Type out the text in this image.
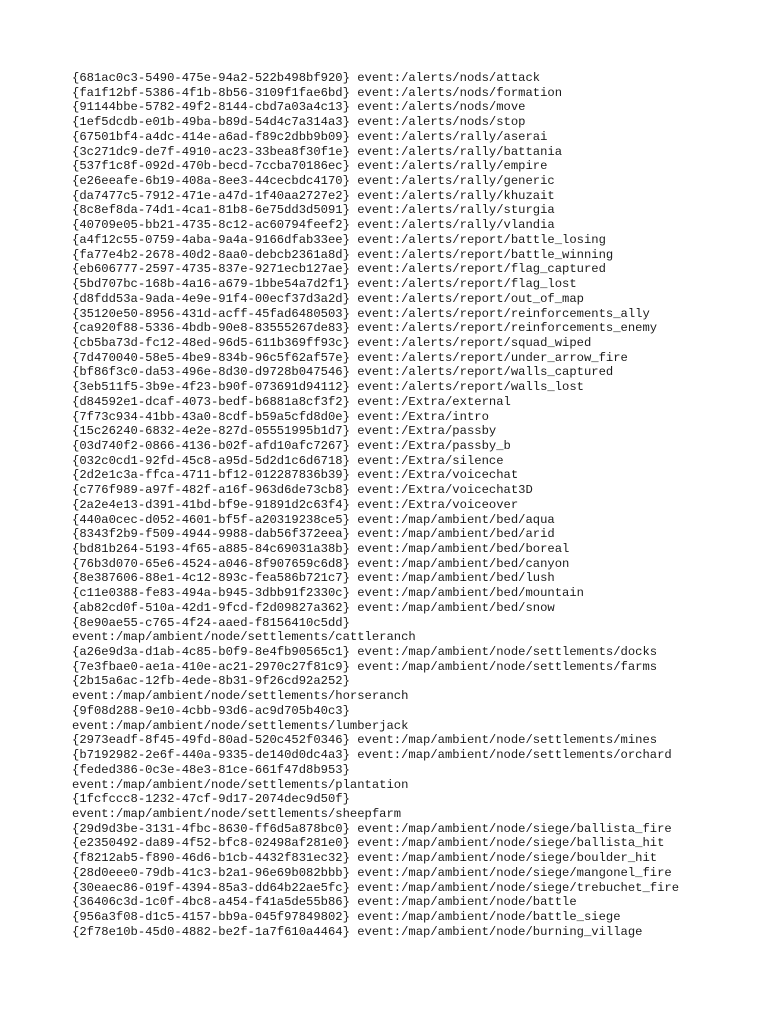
{681ac0c3-5490-475e-94a2-522b498bf920} event:/alerts/nods/attack
{fa1f12bf-5386-4f1b-8b56-3109f1fae6bd} event:/alerts/nods/formation
{91144bbe-5782-49f2-8144-cbd7a03a4c13} event:/alerts/nods/move
{1ef5dcdb-e01b-49ba-b89d-54d4c7a314a3} event:/alerts/nods/stop
{67501bf4-a4dc-414e-a6ad-f89c2dbb9b09} event:/alerts/rally/aserai
{3c271dc9-de7f-4910-ac23-33bea8f30f1e} event:/alerts/rally/battania
{537f1c8f-092d-470b-becd-7ccba70186ec} event:/alerts/rally/empire
{e26eeafe-6b19-408a-8ee3-44cecbdc4170} event:/alerts/rally/generic
{da7477c5-7912-471e-a47d-1f40aa2727e2} event:/alerts/rally/khuzait
{8c8ef8da-74d1-4ca1-81b8-6e75dd3d5091} event:/alerts/rally/sturgia
{40709e05-bb21-4735-8c12-ac60794feef2} event:/alerts/rally/vlandia
{a4f12c55-0759-4aba-9a4a-9166dfab33ee} event:/alerts/report/battle_losing
{fa77e4b2-2678-40d2-8aa0-debcb2361a8d} event:/alerts/report/battle_winning
{eb606777-2597-4735-837e-9271ecb127ae} event:/alerts/report/flag_captured
{5bd707bc-168b-4a16-a679-1bbe54a7d2f1} event:/alerts/report/flag_lost
{d8fdd53a-9ada-4e9e-91f4-00ecf37d3a2d} event:/alerts/report/out_of_map
{35120e50-8956-431d-acff-45fad6480503} event:/alerts/report/reinforcements_ally
{ca920f88-5336-4bdb-90e8-83555267de83} event:/alerts/report/reinforcements_enemy
{cb5ba73d-fc12-48ed-96d5-611b369ff93c} event:/alerts/report/squad_wiped
{7d470040-58e5-4be9-834b-96c5f62af57e} event:/alerts/report/under_arrow_fire
{bf86f3c0-da53-496e-8d30-d9728b047546} event:/alerts/report/walls_captured
{3eb511f5-3b9e-4f23-b90f-073691d94112} event:/alerts/report/walls_lost
{d84592e1-dcaf-4073-bedf-b6881a8cf3f2} event:/Extra/external
{7f73c934-41bb-43a0-8cdf-b59a5cfd8d0e} event:/Extra/intro
{15c26240-6832-4e2e-827d-05551995b1d7} event:/Extra/passby
{03d740f2-0866-4136-b02f-afd10afc7267} event:/Extra/passby_b
{032c0cd1-92fd-45c8-a95d-5d2d1c6d6718} event:/Extra/silence
{2d2e1c3a-ffca-4711-bf12-012287836b39} event:/Extra/voicechat
{c776f989-a97f-482f-a16f-963d6de73cb8} event:/Extra/voicechat3D
{2a2e4e13-d391-41bd-bf9e-91891d2c63f4} event:/Extra/voiceover
{440a0cec-d052-4601-bf5f-a20319238ce5} event:/map/ambient/bed/aqua
{8343f2b9-f509-4944-9988-dab56f372eea} event:/map/ambient/bed/arid
{bd81b264-5193-4f65-a885-84c69031a38b} event:/map/ambient/bed/boreal
{76b3d070-65e6-4524-a046-8f907659c6d8} event:/map/ambient/bed/canyon
{8e387606-88e1-4c12-893c-fea586b721c7} event:/map/ambient/bed/lush
{c11e0388-fe83-494a-b945-3dbb91f2330c} event:/map/ambient/bed/mountain
{ab82cd0f-510a-42d1-9fcd-f2d09827a362} event:/map/ambient/bed/snow
{8e90ae55-c765-4f24-aaed-f8156410c5dd}
event:/map/ambient/node/settlements/cattleranch
{a26e9d3a-d1ab-4c85-b0f9-8e4fb90565c1} event:/map/ambient/node/settlements/docks
{7e3fbae0-ae1a-410e-ac21-2970c27f81c9} event:/map/ambient/node/settlements/farms
{2b15a6ac-12fb-4ede-8b31-9f26cd92a252}
event:/map/ambient/node/settlements/horseranch
{9f08d288-9e10-4cbb-93d6-ac9d705b40c3}
event:/map/ambient/node/settlements/lumberjack
{2973eadf-8f45-49fd-80ad-520c452f0346} event:/map/ambient/node/settlements/mines
{b7192982-2e6f-440a-9335-de140d0dc4a3} event:/map/ambient/node/settlements/orchard
{feded386-0c3e-48e3-81ce-661f47d8b953}
event:/map/ambient/node/settlements/plantation
{1fcfccc8-1232-47cf-9d17-2074dec9d50f}
event:/map/ambient/node/settlements/sheepfarm
{29d9d3be-3131-4fbc-8630-ff6d5a878bc0} event:/map/ambient/node/siege/ballista_fire
{e2350492-da89-4f52-bfc8-02498af281e0} event:/map/ambient/node/siege/ballista_hit
{f8212ab5-f890-46d6-b1cb-4432f831ec32} event:/map/ambient/node/siege/boulder_hit
{28d0eee0-79db-41c3-b2a1-96e69b082bbb} event:/map/ambient/node/siege/mangonel_fire
{30eaec86-019f-4394-85a3-dd64b22ae5fc} event:/map/ambient/node/siege/trebuchet_fire
{36406c3d-1c0f-4bc8-a454-f41a5de55b86} event:/map/ambient/node/battle
{956a3f08-d1c5-4157-bb9a-045f97849802} event:/map/ambient/node/battle_siege
{2f78e10b-45d0-4882-be2f-1a7f610a4464} event:/map/ambient/node/burning_village
